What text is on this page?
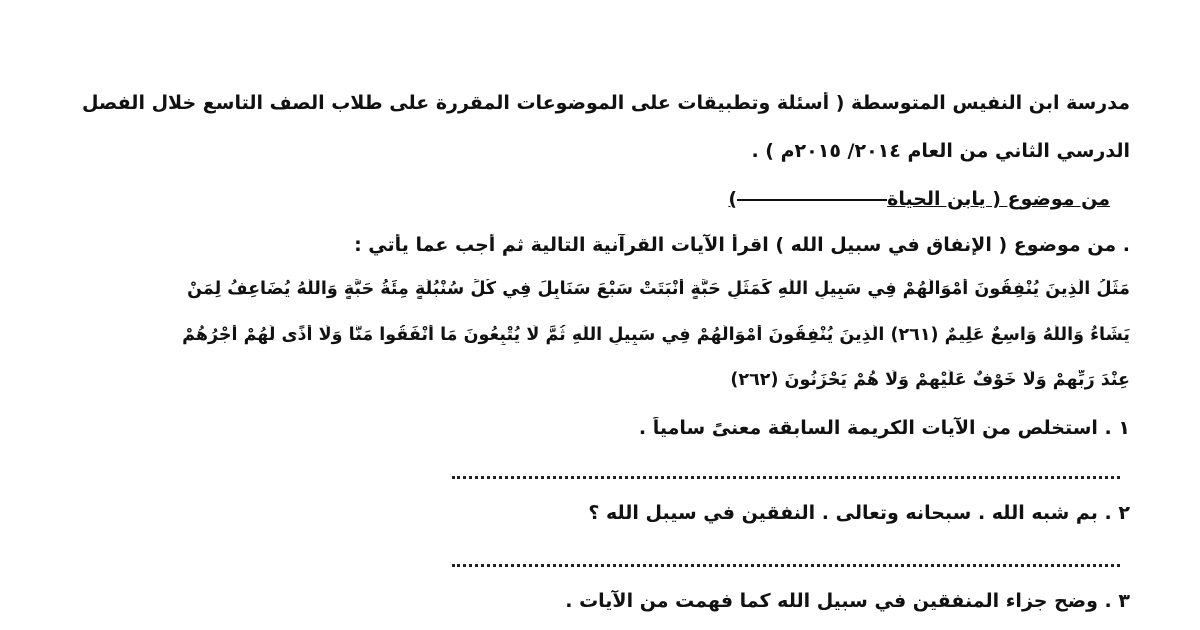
مدرسة ابن النفيس المتوسطة ( أسئلة وتطبيقات على الموضوعات المقررة على طلاب الصف التاسع خلال الفصل
الدرسي الثاني من العام ٢٠١٤/ ٢٠١٥م ) .
من موضوع ( يابن الحياة)
. من موضوع ( الإنفاق في سبيل الله ) اقرأ الآيات القرآنية التالية ثم أجب عما يأتي :
مَثَلُ الَّذِينَ يُنْفِقُونَ أَمْوَالَهُمْ فِي سَبِيلِ اللَّهِ كَمَثَلِ حَبَّةٍ أَنْبَتَتْ سَبْعَ سَنَابِلَ فِي كُلِّ سُنْبُلَةٍ مِئَةُ حَبَّةٍ وَاللَّهُ يُضَاعِفُ لِمَنْ
يَشَاءُ وَاللَّهُ وَاسِعٌ عَلِيمٌ (٢٦١) الَّذِينَ يُنْفِقُونَ أَمْوَالَهُمْ فِي سَبِيلِ اللَّهِ ثُمَّ لَا يُتْبِعُونَ مَا أَنْفَقُوا مَنًّا وَلَا أَذًى لَهُمْ أَجْرُهُمْ
عِنْدَ رَبِّهِمْ وَلَا خَوْفٌ عَلَيْهِمْ وَلَا هُمْ يَحْزَنُونَ (٢٦٢)
١ . استخلص من الآيات الكريمة السابقة معنىً سامياً .
٢ . بم شبه الله . سبحانه وتعالى . النفقين في سيبل الله ؟
٣ . وضح جزاء المنفقين في سبيل الله كما فهمت من الآيات .
